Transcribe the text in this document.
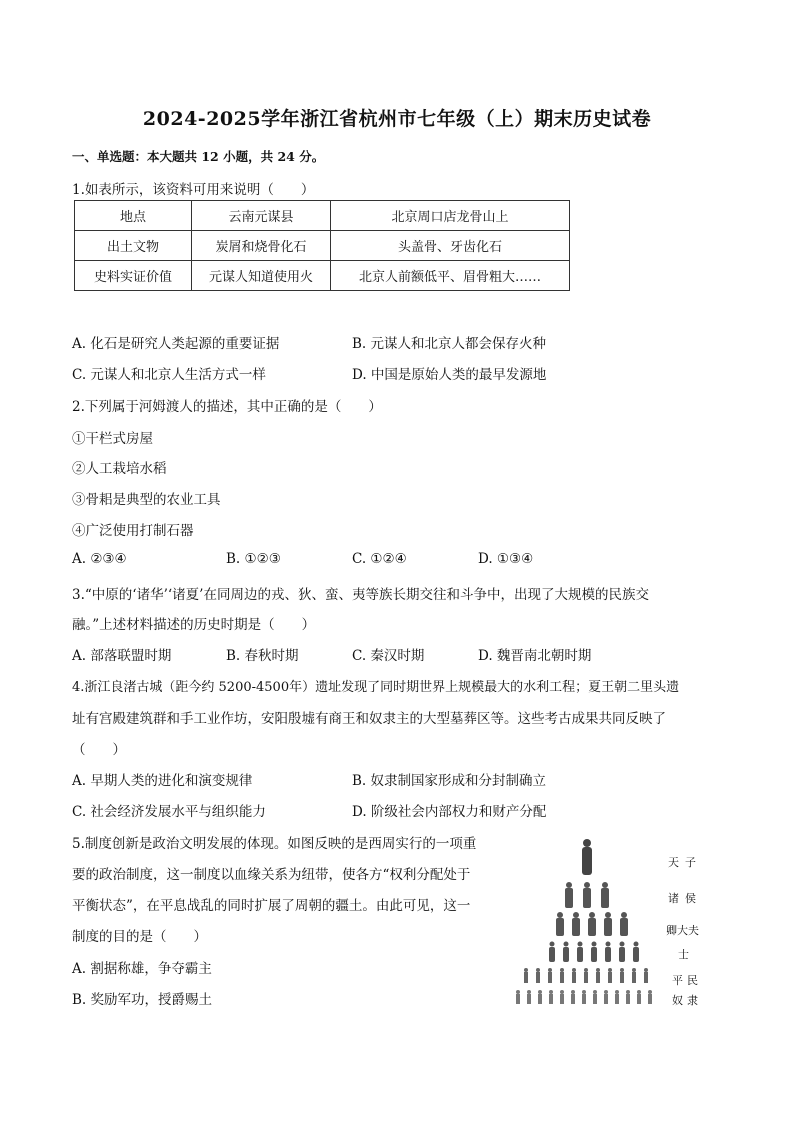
2024-2025学年浙江省杭州市七年级（上）期末历史试卷
一、单选题：本大题共 12 小题，共 24 分。
1.如表所示，该资料可用来说明（　　）
地点	云南元谋县	北京周口店龙骨山上
出土文物	炭屑和烧骨化石	头盖骨、牙齿化石
史料实证价值	元谋人知道使用火	北京人前额低平、眉骨粗大……
A. 化石是研究人类起源的重要证据	B. 元谋人和北京人都会保存火种
C. 元谋人和北京人生活方式一样	D. 中国是原始人类的最早发源地
2.下列属于河姆渡人的描述，其中正确的是（　　）
①干栏式房屋
②人工栽培水稻
③骨耜是典型的农业工具
④广泛使用打制石器
A. ②③④	B. ①②③	C. ①②④	D. ①③④
3.“中原的‘诸华’‘诸夏’在同周边的戎、狄、蛮、夷等族长期交往和斗争中，出现了大规模的民族交
融。”上述材料描述的历史时期是（　　）
A. 部落联盟时期	B. 春秋时期	C. 秦汉时期	D. 魏晋南北朝时期
4.浙江良渚古城（距今约 5200-4500年）遗址发现了同时期世界上规模最大的水利工程；夏王朝二里头遗
址有宫殿建筑群和手工业作坊，安阳殷墟有商王和奴隶主的大型墓葬区等。这些考古成果共同反映了
（　　）
A. 早期人类的进化和演变规律	B. 奴隶制国家形成和分封制确立
C. 社会经济发展水平与组织能力	D. 阶级社会内部权力和财产分配
5.制度创新是政治文明发展的体现。如图反映的是西周实行的一项重
要的政治制度，这一制度以血缘关系为纽带，使各方“权利分配处于
平衡状态”，在平息战乱的同时扩展了周朝的疆土。由此可见，这一
制度的目的是（　　）
A. 割据称雄，争夺霸主
B. 奖励军功，授爵赐土
天子
诸侯
卿大夫
士
平民
奴隶
